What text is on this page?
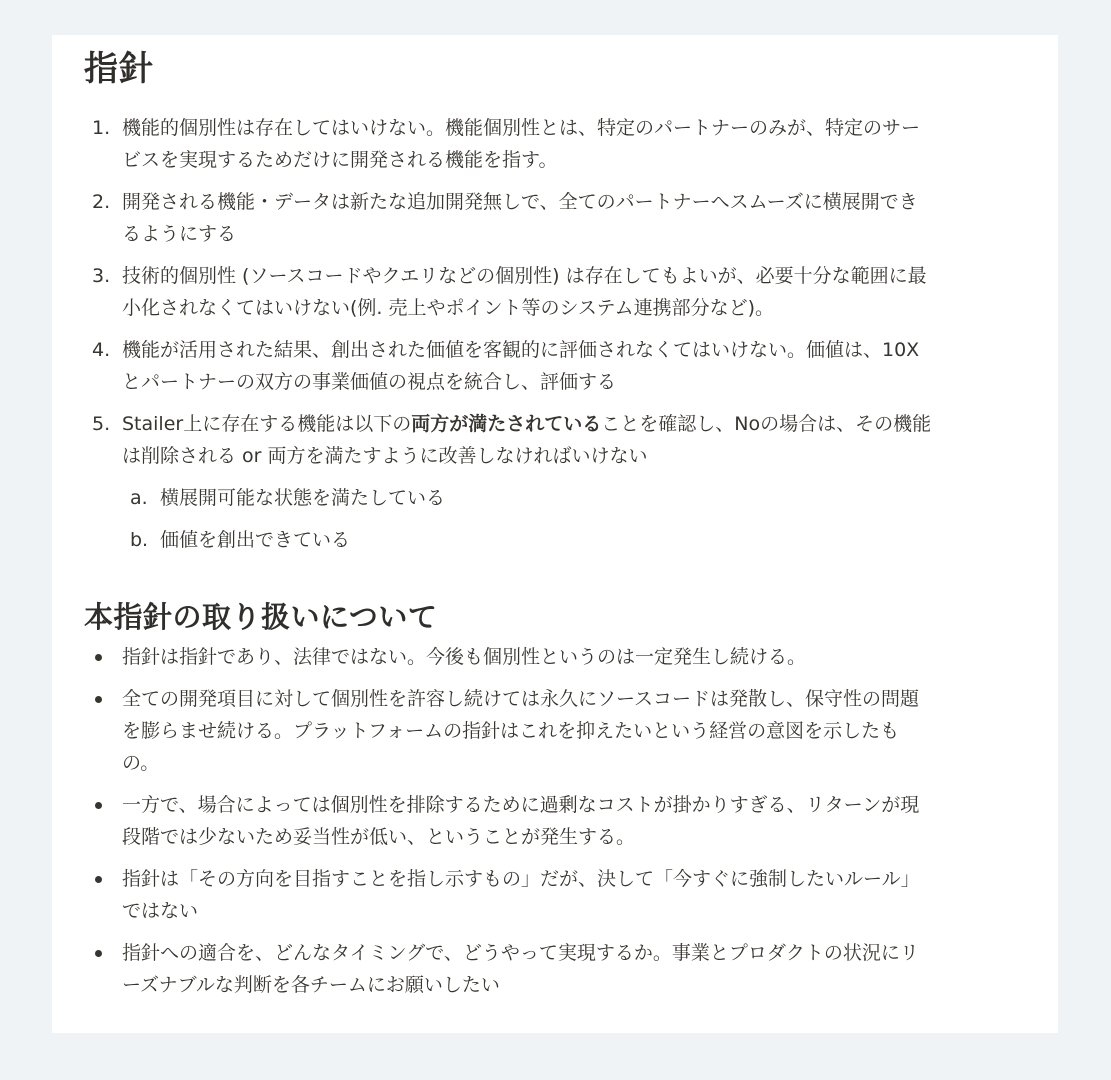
指針
1. 機能的個別性は存在してはいけない。機能個別性とは、特定のパートナーのみが、特定のサー
ビスを実現するためだけに開発される機能を指す。
2. 開発される機能・データは新たな追加開発無しで、全てのパートナーへスムーズに横展開でき
るようにする
3. 技術的個別性 (ソースコードやクエリなどの個別性) は存在してもよいが、必要十分な範囲に最
小化されなくてはいけない(例. 売上やポイント等のシステム連携部分など)。
4. 機能が活用された結果、創出された価値を客観的に評価されなくてはいけない。価値は、10X
とパートナーの双方の事業価値の視点を統合し、評価する
5. Stailer上に存在する機能は以下の両方が満たされていることを確認し、Noの場合は、その機能
は削除される or 両方を満たすように改善しなければいけない
a. 横展開可能な状態を満たしている
b. 価値を創出できている
本指針の取り扱いについて
指針は指針であり、法律ではない。今後も個別性というのは一定発生し続ける。
全ての開発項目に対して個別性を許容し続けては永久にソースコードは発散し、保守性の問題
を膨らませ続ける。プラットフォームの指針はこれを抑えたいという経営の意図を示したも
の。
一方で、場合によっては個別性を排除するために過剰なコストが掛かりすぎる、リターンが現
段階では少ないため妥当性が低い、ということが発生する。
指針は「その方向を目指すことを指し示すもの」だが、決して「今すぐに強制したいルール」
ではない
指針への適合を、どんなタイミングで、どうやって実現するか。事業とプロダクトの状況にリ
ーズナブルな判断を各チームにお願いしたい
